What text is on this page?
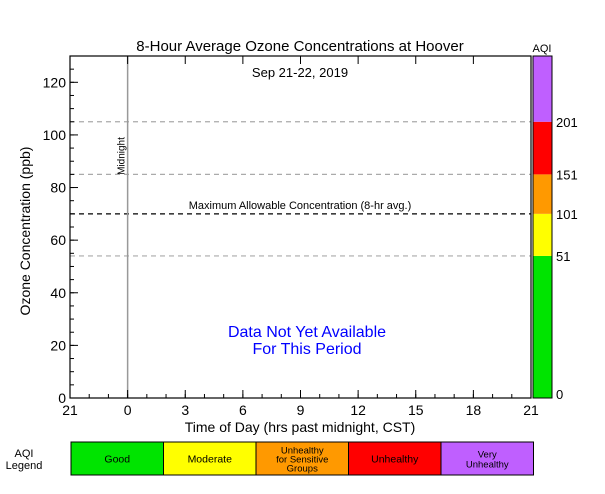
8-Hour Average Ozone Concentrations at Hoover
Sep 21-22, 2019
Time of Day (hrs past midnight, CST)
Ozone Concentration (ppb)
AQI
Maximum Allowable Concentration (8-hr avg.)
Midnight
21	0	3	6	9	12	15	18	21
0
20
40
60
80
100
120
Data Not Yet Available
For This Period
0
51
101
151
201
AQI
Legend
Good	Moderate
Unhealthy
for Sensitive
Groups
Unhealthy	Very
Unhealthy
